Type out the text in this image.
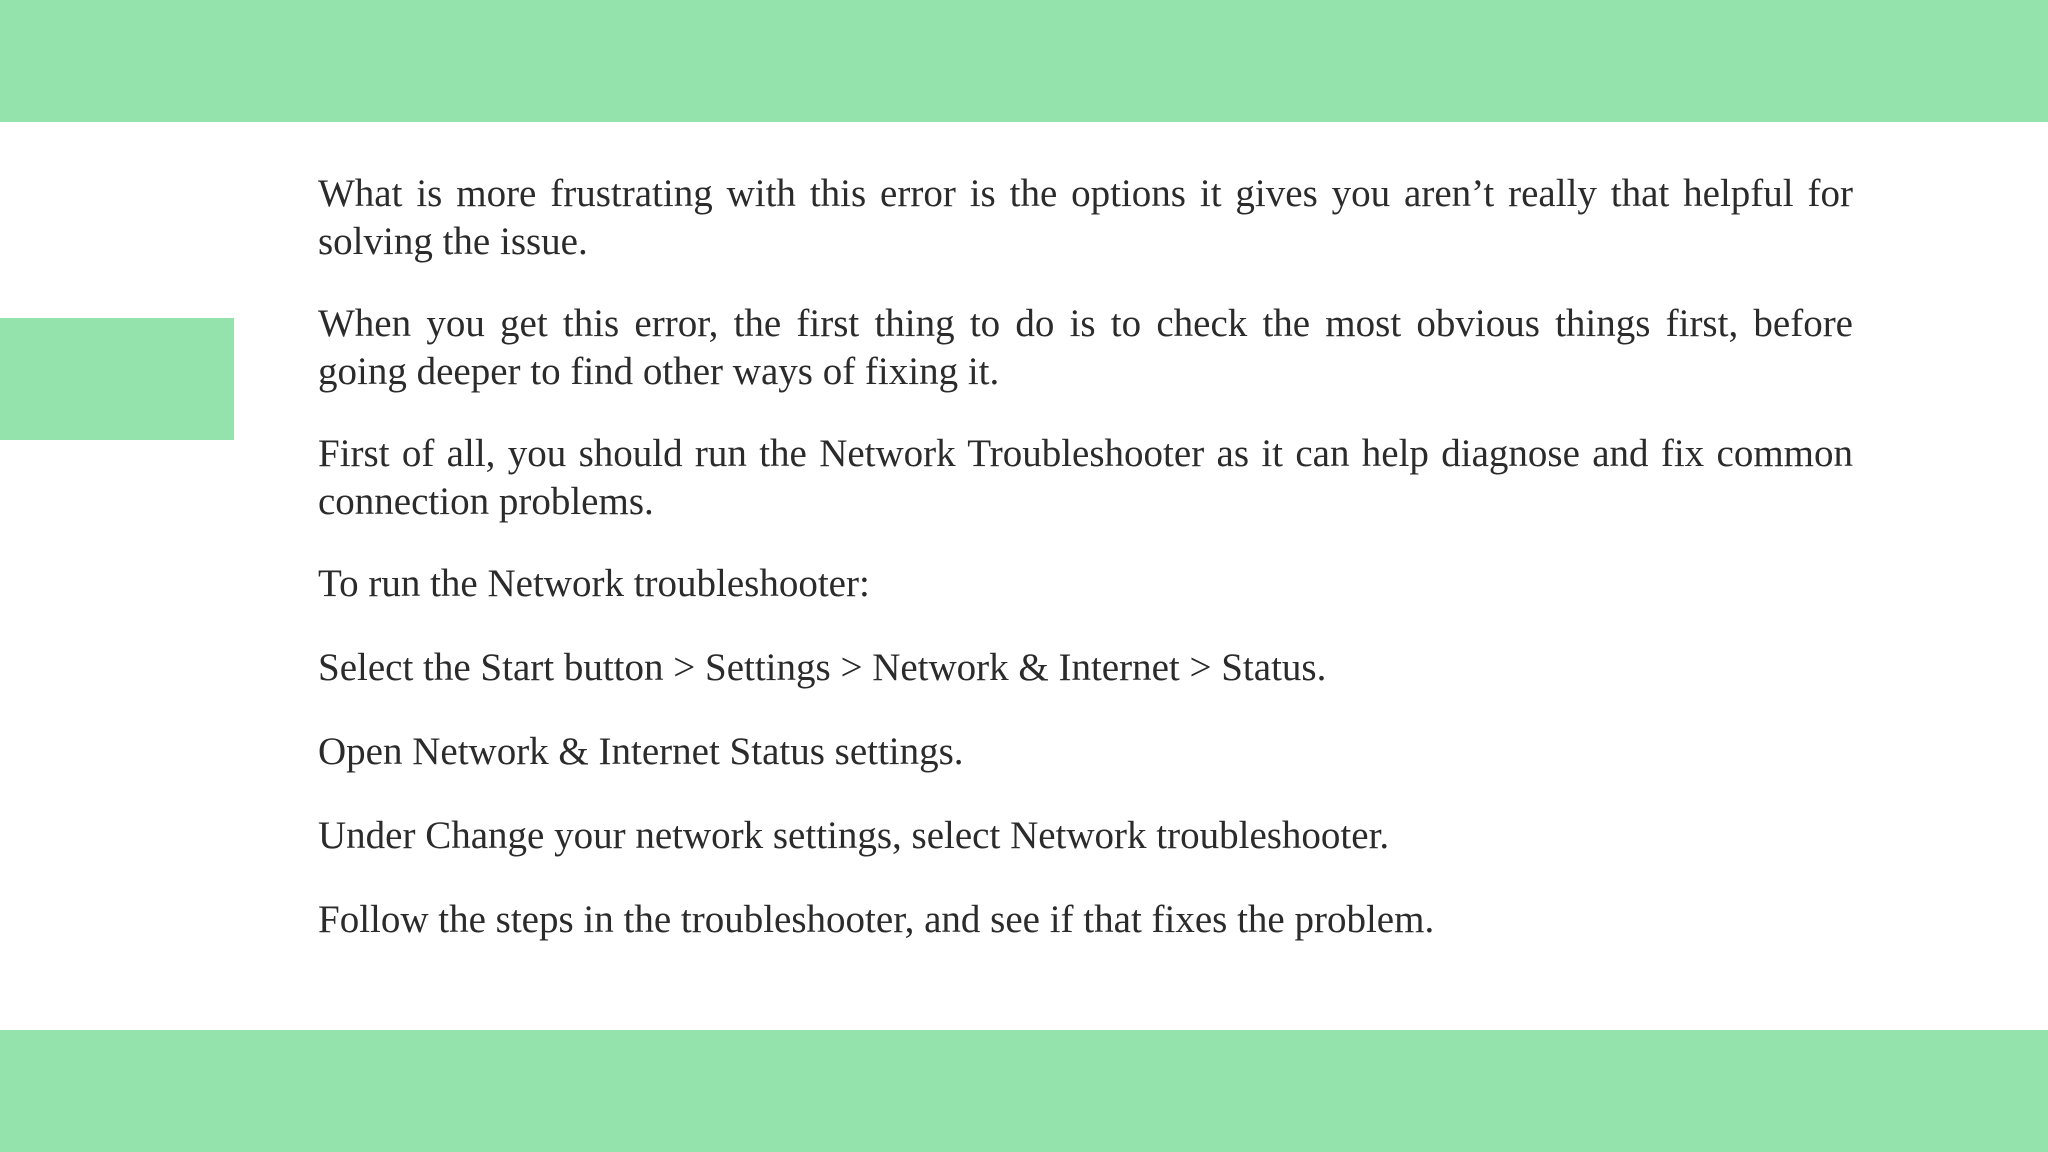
What is more frustrating with this error is the options it gives you aren’t really that helpful for solving the issue.

When you get this error, the first thing to do is to check the most obvious things first, before going deeper to find other ways of fixing it.

First of all, you should run the Network Troubleshooter as it can help diagnose and fix common connection problems.

To run the Network troubleshooter:

Select the Start button > Settings > Network & Internet > Status.

Open Network & Internet Status settings.

Under Change your network settings, select Network troubleshooter.

Follow the steps in the troubleshooter, and see if that fixes the problem.
